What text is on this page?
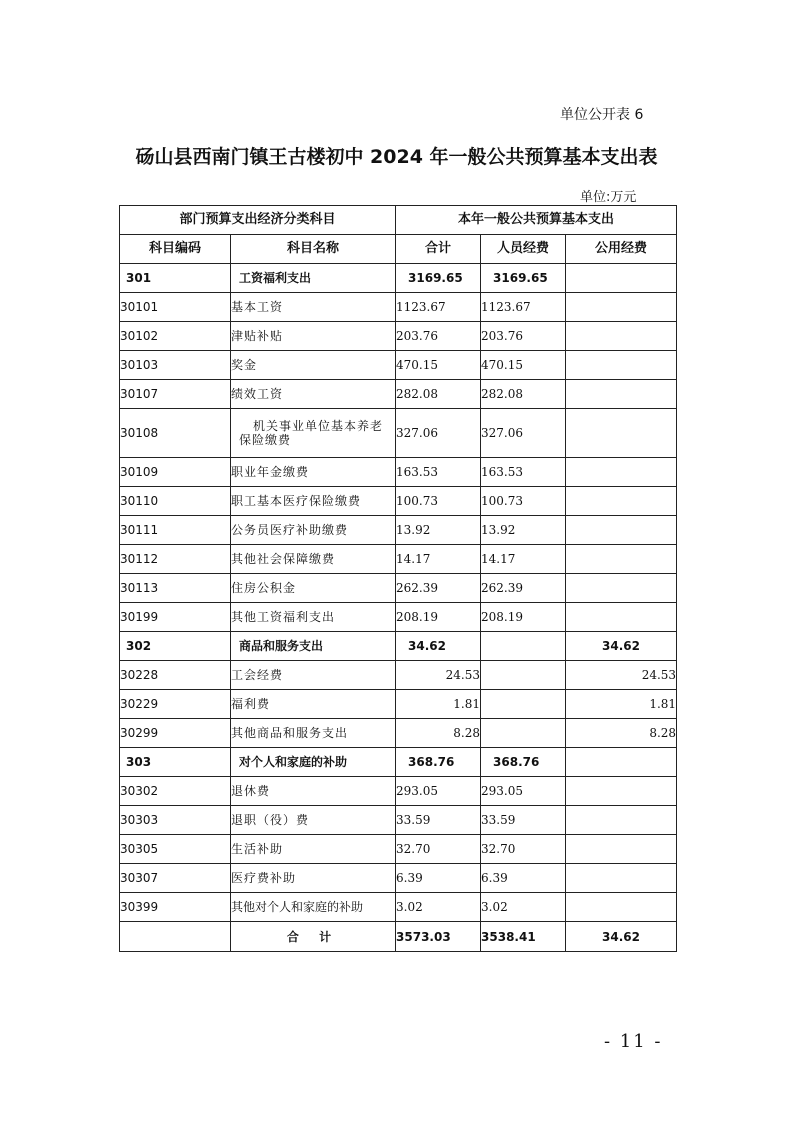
单位公开表 6
砀山县西南门镇王古楼初中 2024 年一般公共预算基本支出表
单位:万元
部门预算支出经济分类科目		本年一般公共预算基本支出		
科目编码	科目名称	合计	人员经费	公用经费
301	工资福利支出	3169.65	3169.65	
30101	基本工资	1123.67	1123.67	
30102	津贴补贴	203.76	203.76	
30103	奖金	470.15	470.15	
30107	绩效工资	282.08	282.08	
30108	机关事业单位基本养老保险缴费	327.06	327.06	
30109	职业年金缴费	163.53	163.53	
30110	职工基本医疗保险缴费	100.73	100.73	
30111	公务员医疗补助缴费	13.92	13.92	
30112	其他社会保障缴费	14.17	14.17	
30113	住房公积金	262.39	262.39	
30199	其他工资福利支出	208.19	208.19	
302	商品和服务支出	34.62		34.62
30228	工会经费	24.53		24.53
30229	福利费	1.81		1.81
30299	其他商品和服务支出	8.28		8.28
303	对个人和家庭的补助	368.76	368.76	
30302	退休费	293.05	293.05	
30303	退职（役）费	33.59	33.59	
30305	生活补助	32.70	32.70	
30307	医疗费补助	6.39	6.39	
30399	其他对个人和家庭的补助	3.02	3.02	
	合 计	3573.03	3538.41	34.62
- 11 -
